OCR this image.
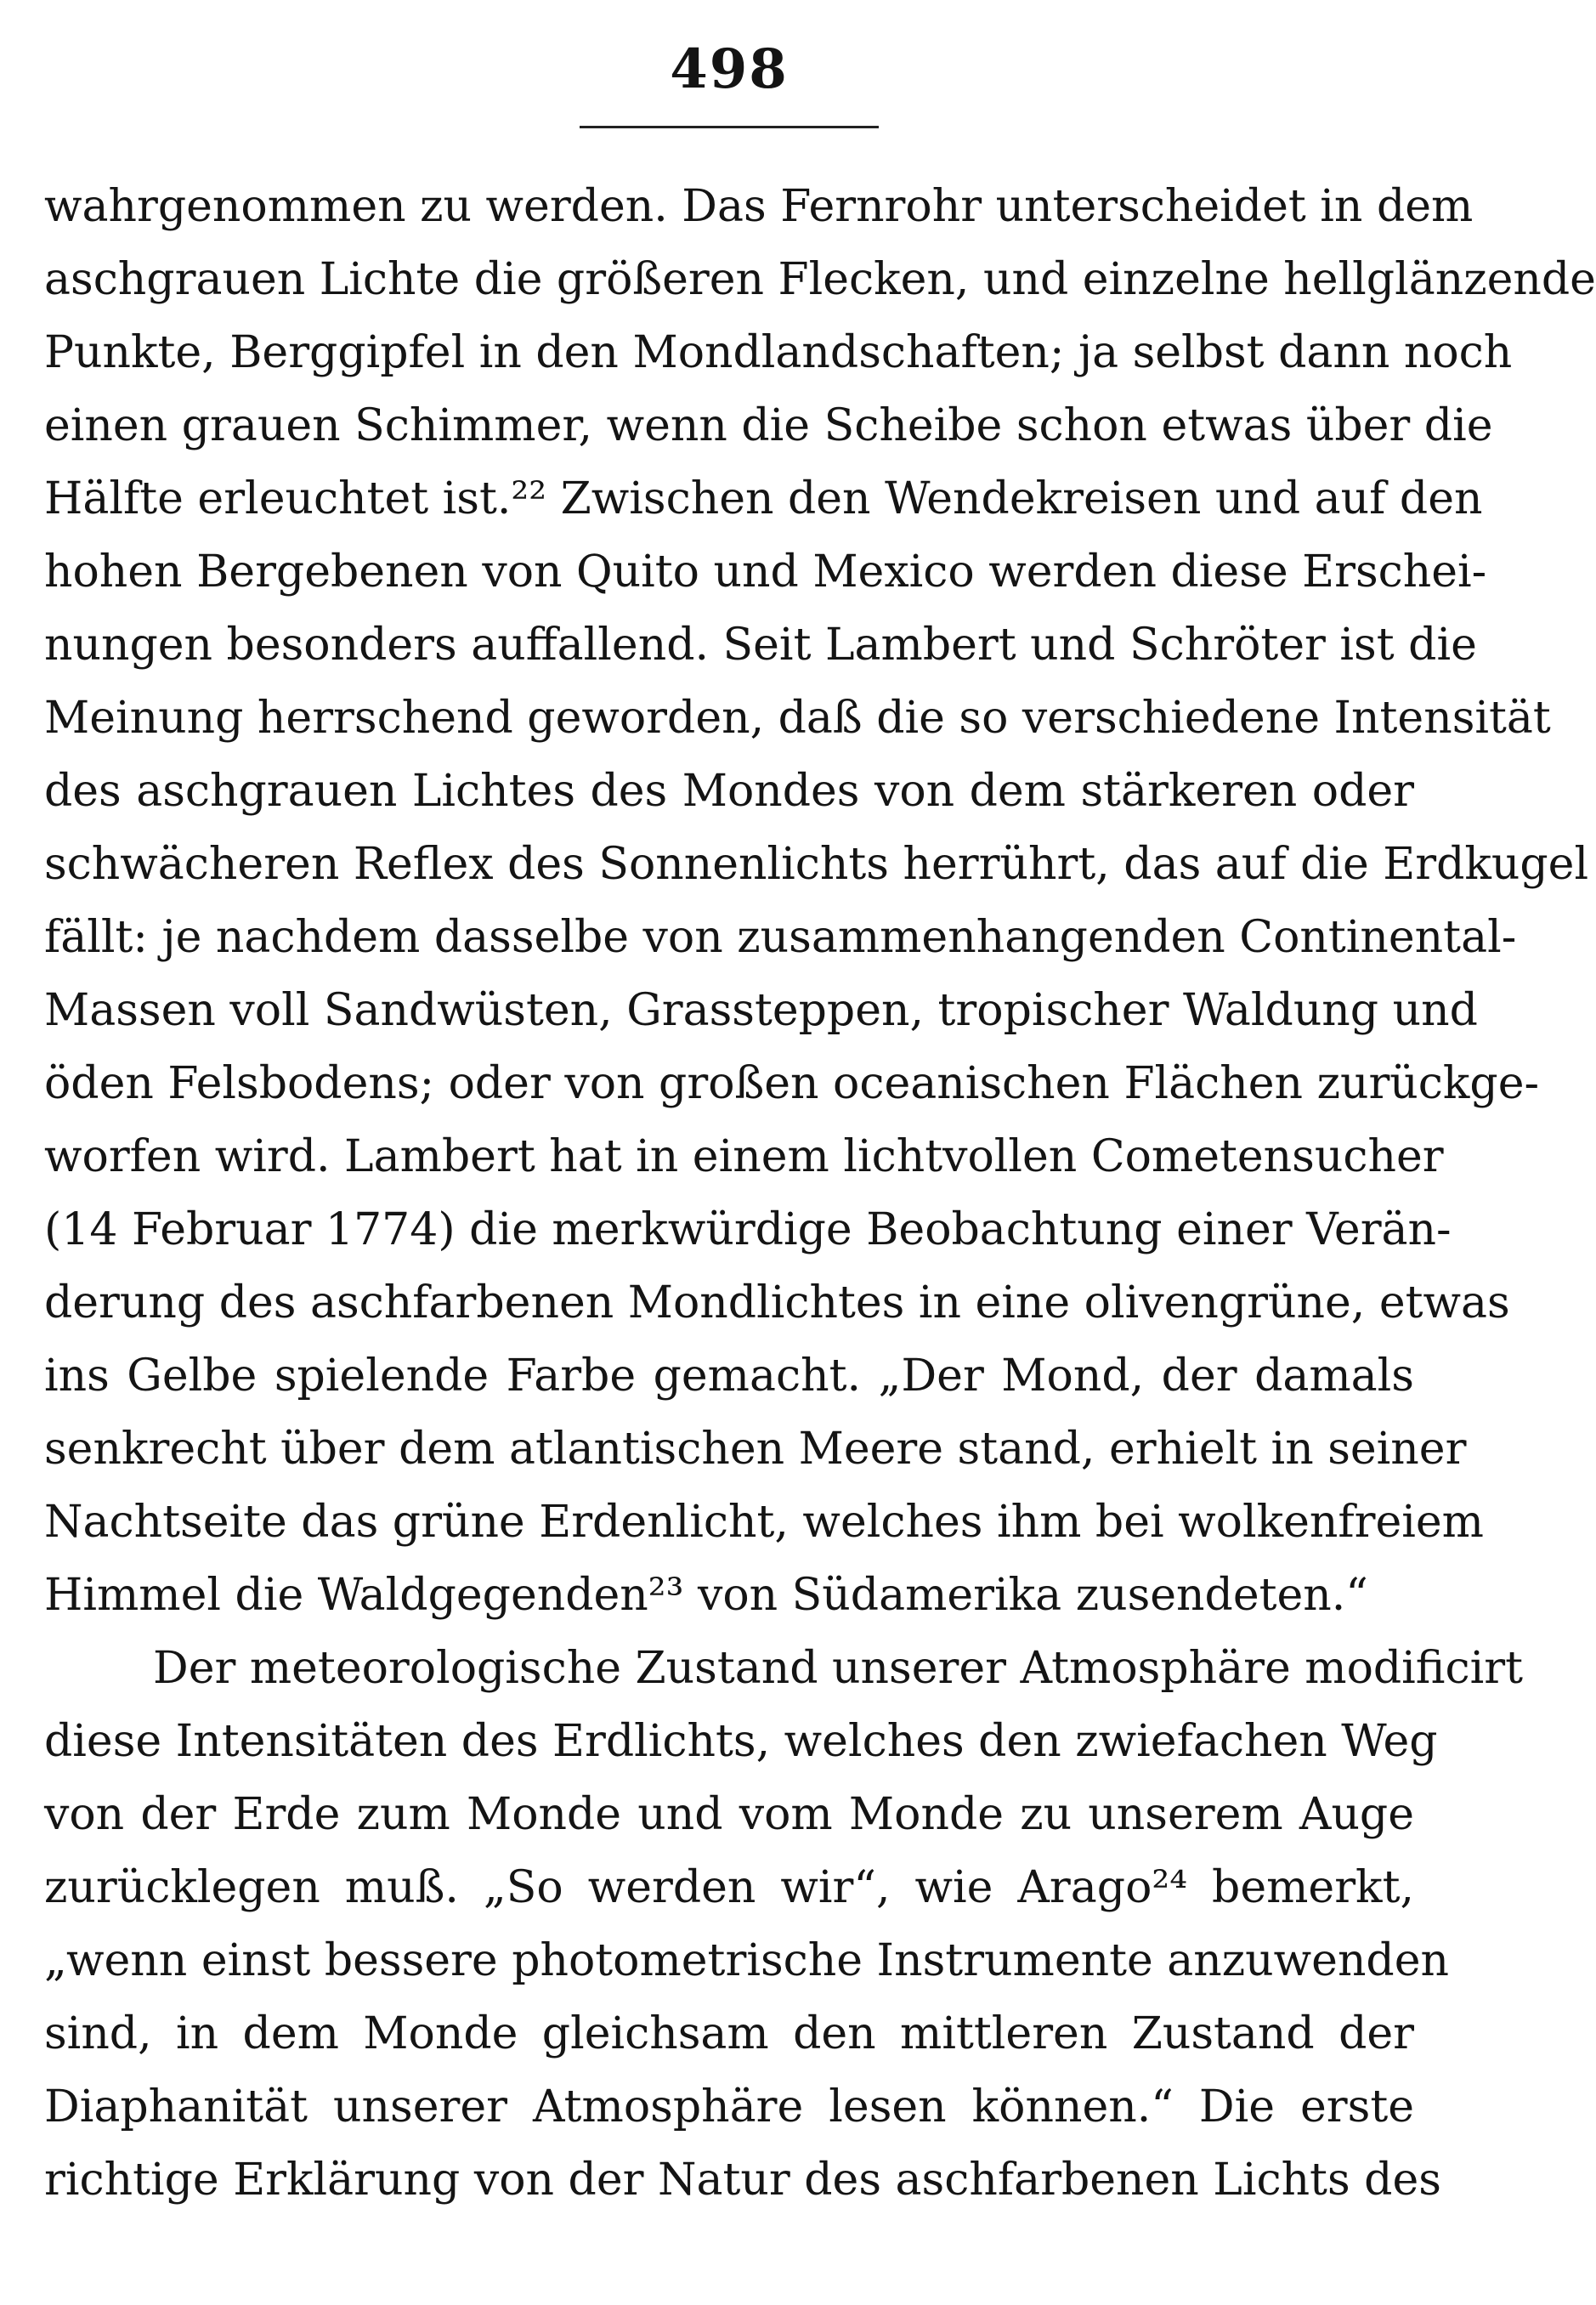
498
wahrgenommen zu werden. Das Fernrohr unterscheidet in dem
aschgrauen Lichte die größeren Flecken, und einzelne hellglänzende
Punkte, Berggipfel in den Mondlandschaften; ja selbst dann noch
einen grauen Schimmer, wenn die Scheibe schon etwas über die
Hälfte erleuchtet ist.²² Zwischen den Wendekreisen und auf den
hohen Bergebenen von Quito und Mexico werden diese Erschei-
nungen besonders auffallend. Seit Lambert und Schröter ist die
Meinung herrschend geworden, daß die so verschiedene Intensität
des aschgrauen Lichtes des Mondes von dem stärkeren oder
schwächeren Reflex des Sonnenlichts herrührt, das auf die Erdkugel
fällt: je nachdem dasselbe von zusammenhangenden Continental-
Massen voll Sandwüsten, Grassteppen, tropischer Waldung und
öden Felsbodens; oder von großen oceanischen Flächen zurückge-
worfen wird. Lambert hat in einem lichtvollen Cometensucher
(14 Februar 1774) die merkwürdige Beobachtung einer Verän-
derung des aschfarbenen Mondlichtes in eine olivengrüne, etwas
ins Gelbe spielende Farbe gemacht. „Der Mond, der damals
senkrecht über dem atlantischen Meere stand, erhielt in seiner
Nachtseite das grüne Erdenlicht, welches ihm bei wolkenfreiem
Himmel die Waldgegenden²³ von Südamerika zusendeten.“
Der meteorologische Zustand unserer Atmosphäre modificirt
diese Intensitäten des Erdlichts, welches den zwiefachen Weg
von der Erde zum Monde und vom Monde zu unserem Auge
zurücklegen muß. „So werden wir“, wie Arago²⁴ bemerkt,
„wenn einst bessere photometrische Instrumente anzuwenden
sind, in dem Monde gleichsam den mittleren Zustand der
Diaphanität unserer Atmosphäre lesen können.“ Die erste
richtige Erklärung von der Natur des aschfarbenen Lichts des
